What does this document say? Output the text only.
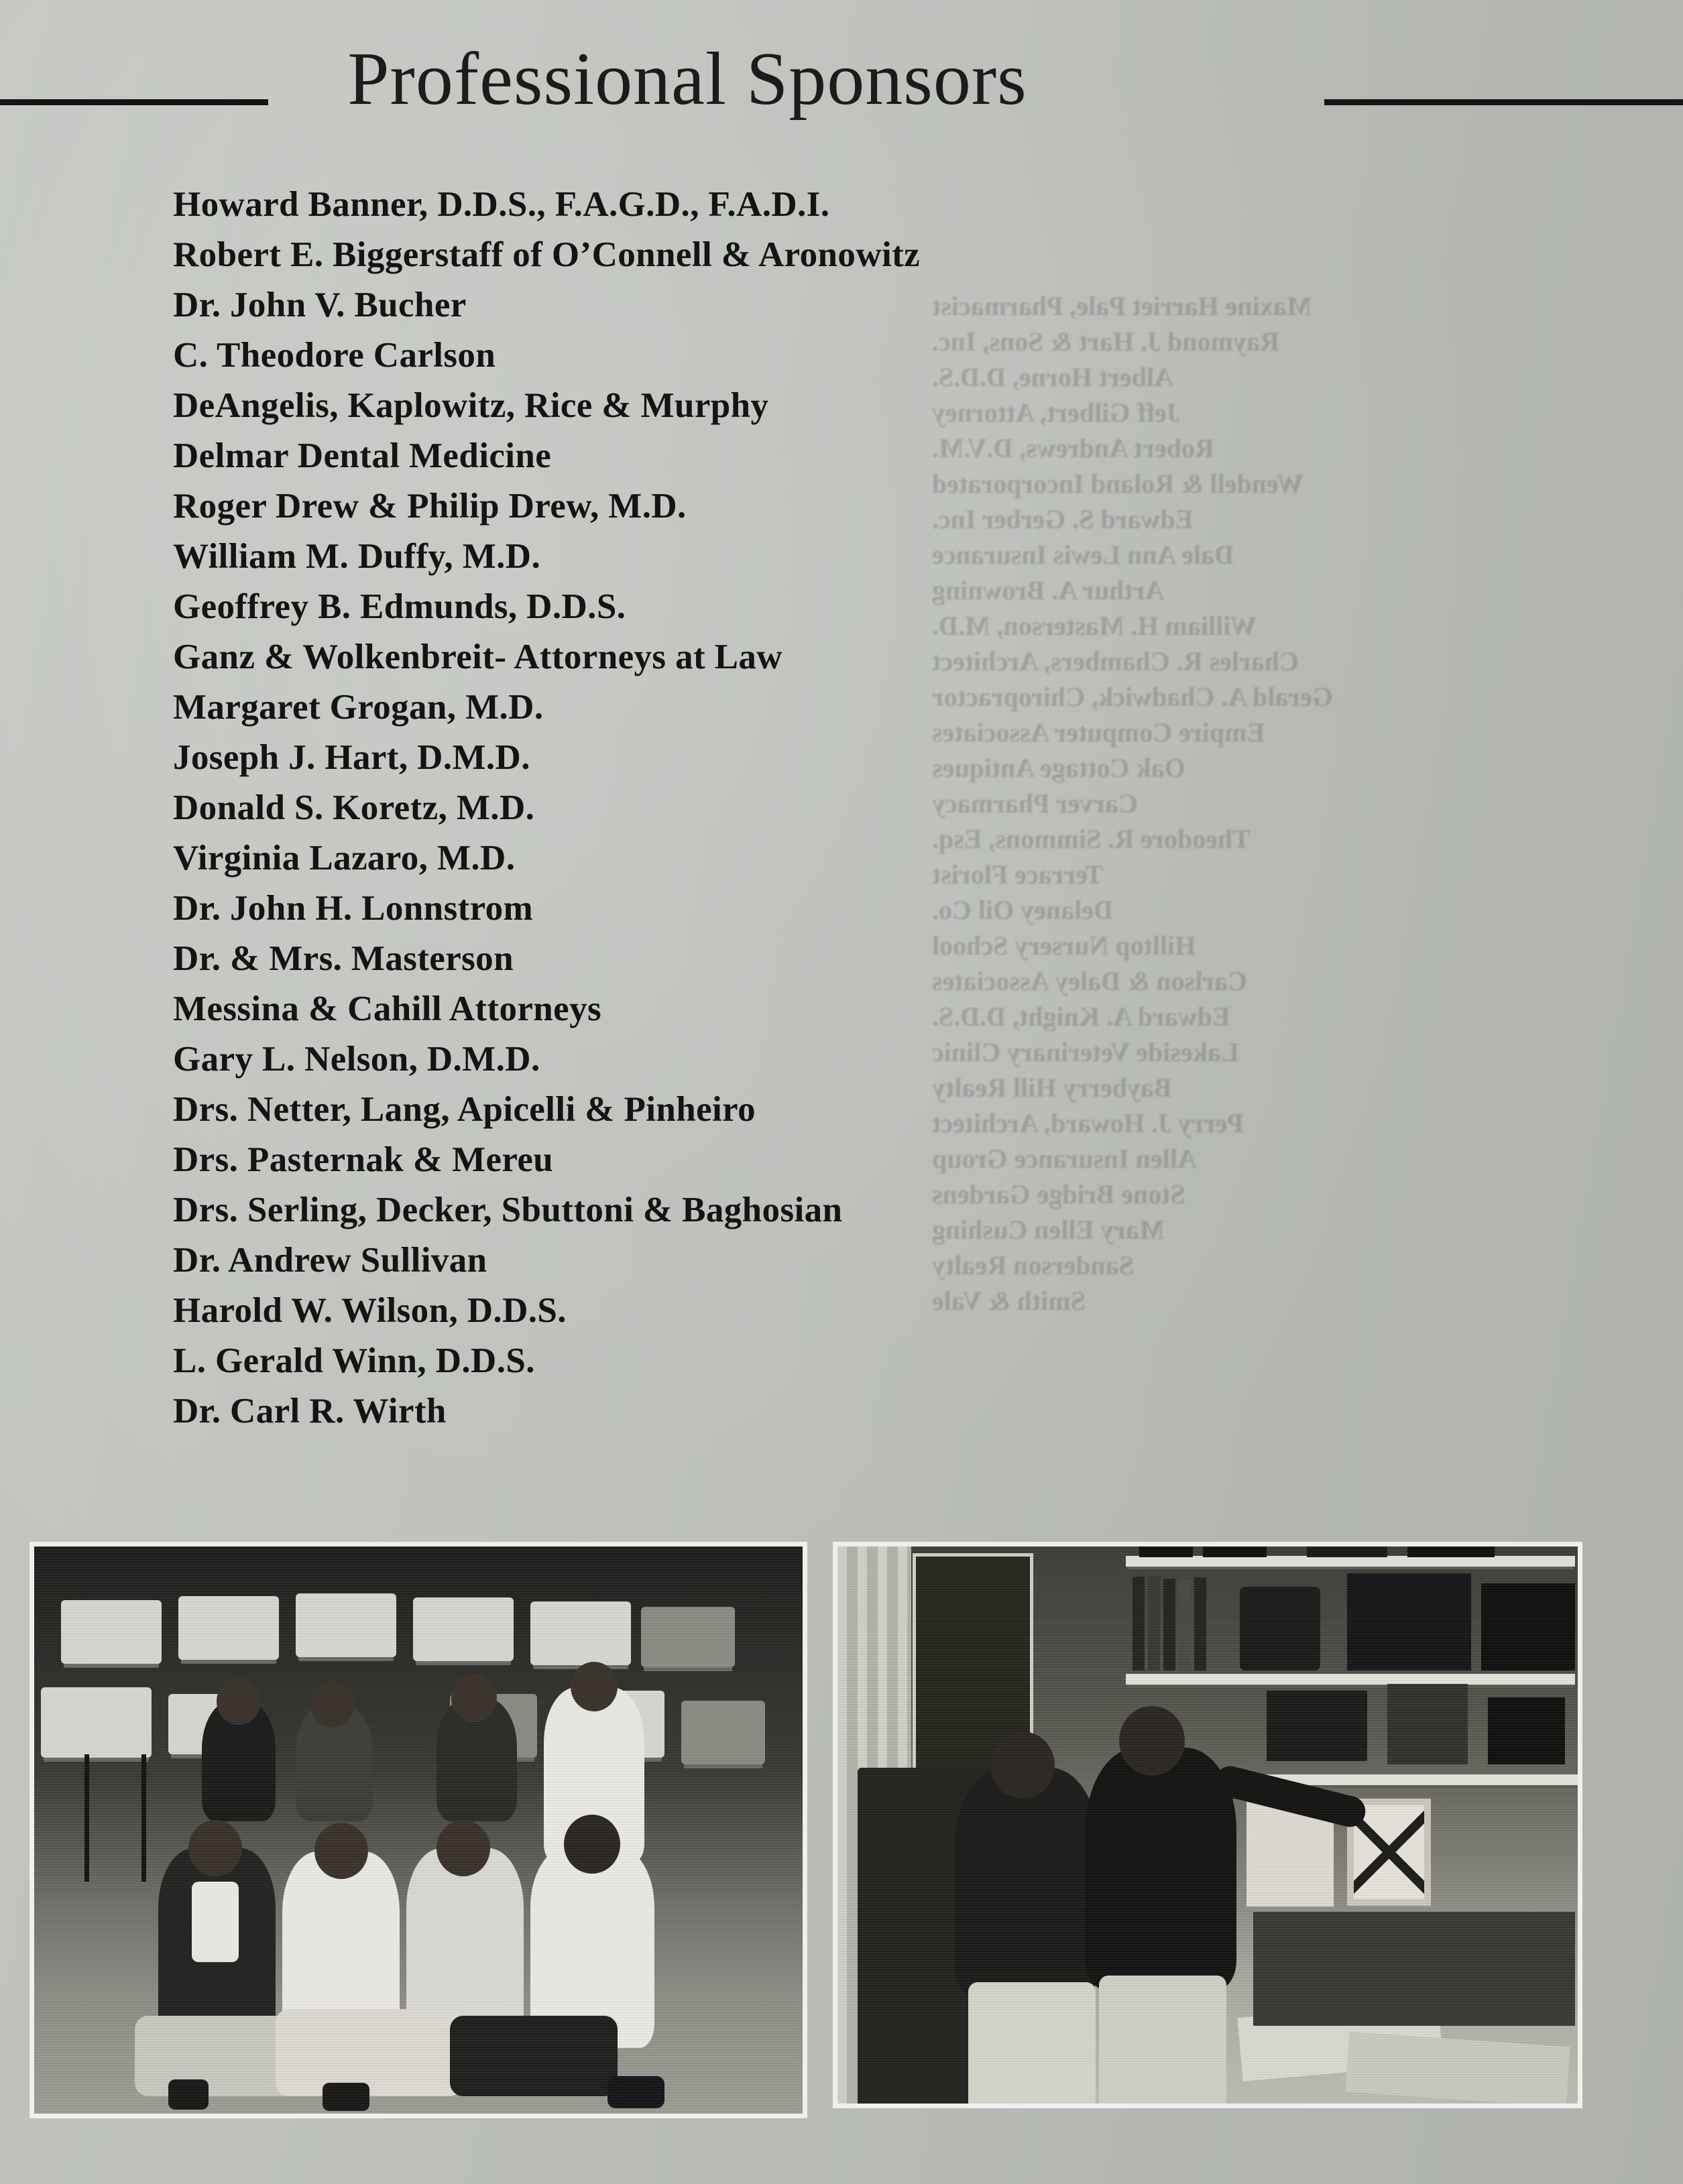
Maxine Harriet Pale, Pharmacist
Raymond J. Hart & Sons, Inc.
Albert Horne, D.D.S.
Jeff Gilbert, Attorney
Robert Andrews, D.V.M.
Wendell & Roland Incorporated
Edward S. Gerber Inc.
Dale Ann Lewis Insurance
Arthur A. Browning
William H. Masterson, M.D.
Charles R. Chambers, Architect
Gerald A. Chadwick, Chiropractor
Empire Computer Associates
Oak Cottage Antiques
Carver Pharmacy
Theodore R. Simmons, Esq.
Terrace Florist
Delaney Oil Co.
Hilltop Nursery School
Carlson & Daley Associates
Edward A. Knight, D.D.S.
Lakeside Veterinary Clinic
Bayberry Hill Realty
Perry J. Howard, Architect
Allen Insurance Group
Stone Bridge Gardens
Mary Ellen Cushing
Sanderson Realty
Smith & Vale
Professional Sponsors
Howard Banner, D.D.S., F.A.G.D., F.A.D.I.
Robert E. Biggerstaff of O’Connell & Aronowitz
Dr. John V. Bucher
C. Theodore Carlson
DeAngelis, Kaplowitz, Rice & Murphy
Delmar Dental Medicine
Roger Drew & Philip Drew, M.D.
William M. Duffy, M.D.
Geoffrey B. Edmunds, D.D.S.
Ganz & Wolkenbreit- Attorneys at Law
Margaret Grogan, M.D.
Joseph J. Hart, D.M.D.
Donald S. Koretz, M.D.
Virginia Lazaro, M.D.
Dr. John H. Lonnstrom
Dr. & Mrs. Masterson
Messina & Cahill Attorneys
Gary L. Nelson, D.M.D.
Drs. Netter, Lang, Apicelli & Pinheiro
Drs. Pasternak & Mereu
Drs. Serling, Decker, Sbuttoni & Baghosian
Dr. Andrew Sullivan
Harold W. Wilson, D.D.S.
L. Gerald Winn, D.D.S.
Dr. Carl R. Wirth
